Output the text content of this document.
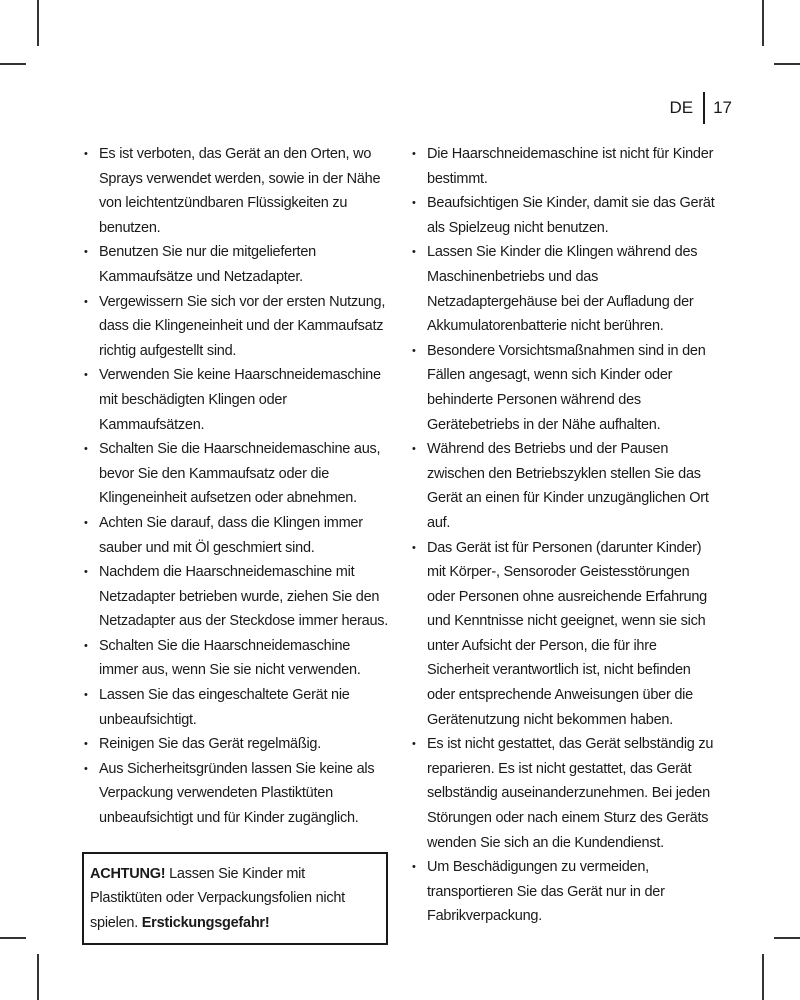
DE	17
• Es ist verboten, das Gerät an den Orten, wo Sprays verwendet werden, sowie in der Nähe von leichtentzündbaren Flüssigkeiten zu benutzen.
• Benutzen Sie nur die mitgelieferten Kammaufsätze und Netzadapter.
• Vergewissern Sie sich vor der ersten Nutzung, dass die Klingeneinheit und der Kammaufsatz richtig aufgestellt sind.
• Verwenden Sie keine Haarschneidemaschine mit beschädigten Klingen oder Kammaufsätzen.
• Schalten Sie die Haarschneidemaschine aus, bevor Sie den Kammaufsatz oder die Klingeneinheit aufsetzen oder abnehmen.
• Achten Sie darauf, dass die Klingen immer sauber und mit Öl geschmiert sind.
• Nachdem die Haarschneidemaschine mit Netzadapter betrieben wurde, ziehen Sie den Netzadapter aus der Steckdose immer heraus.
• Schalten Sie die Haarschneidemaschine immer aus, wenn Sie sie nicht verwenden.
• Lassen Sie das eingeschaltete Gerät nie unbeaufsichtigt.
• Reinigen Sie das Gerät regelmäßig.
• Aus Sicherheitsgründen lassen Sie keine als Verpackung verwendeten Plastiktüten unbeaufsichtigt und für Kinder zugänglich.
ACHTUNG! Lassen Sie Kinder mit Plastiktüten oder Verpackungsfolien nicht spielen. Erstickungsgefahr!
• Die Haarschneidemaschine ist nicht für Kinder bestimmt.
• Beaufsichtigen Sie Kinder, damit sie das Gerät als Spielzeug nicht benutzen.
• Lassen Sie Kinder die Klingen während des Maschinenbetriebs und das Netzadaptergehäuse bei der Aufladung der Akkumulatorenbatterie nicht berühren.
• Besondere Vorsichtsmaßnahmen sind in den Fällen angesagt, wenn sich Kinder oder behinderte Personen während des Gerätebetriebs in der Nähe aufhalten.
• Während des Betriebs und der Pausen zwischen den Betriebszyklen stellen Sie das Gerät an einen für Kinder unzugänglichen Ort auf.
• Das Gerät ist für Personen (darunter Kinder) mit Körper-, Sensoroder Geistesstörungen oder Personen ohne ausreichende Erfahrung und Kenntnisse nicht geeignet, wenn sie sich unter Aufsicht der Person, die für ihre Sicherheit verantwortlich ist, nicht befinden oder entsprechende Anweisungen über die Gerätenutzung nicht bekommen haben.
• Es ist nicht gestattet, das Gerät selbständig zu reparieren. Es ist nicht gestattet, das Gerät selbständig auseinanderzunehmen. Bei jeden Störungen oder nach einem Sturz des Geräts wenden Sie sich an die Kundendienst.
• Um Beschädigungen zu vermeiden, transportieren Sie das Gerät nur in der Fabrikverpackung.
